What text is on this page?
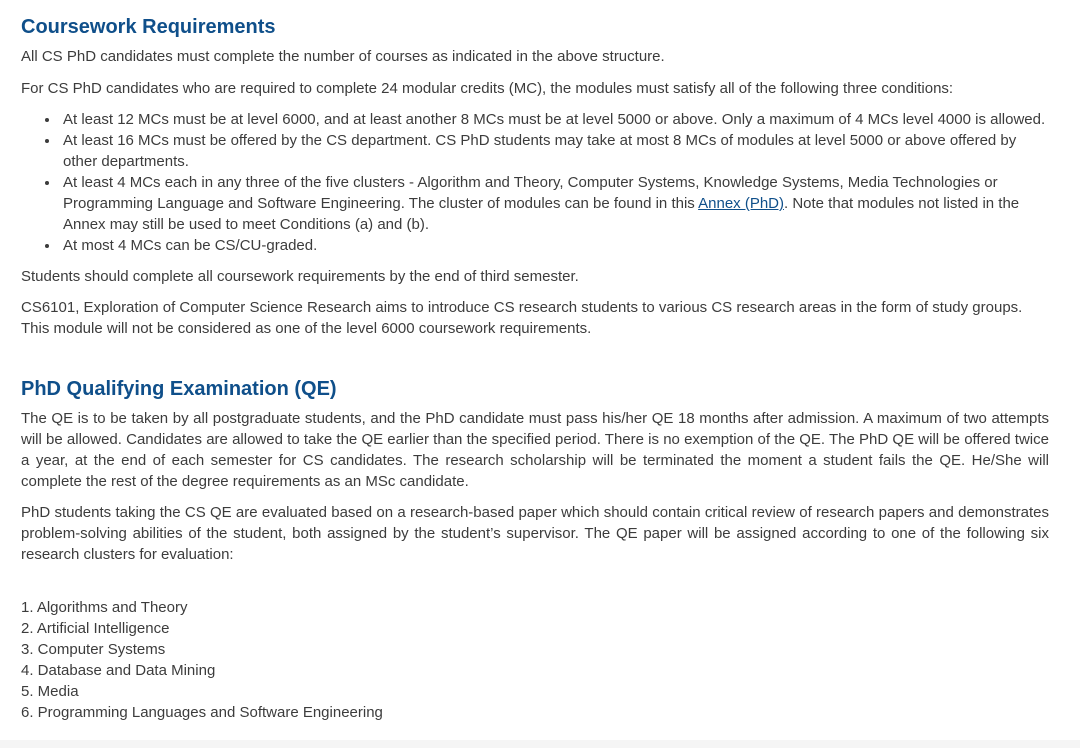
Coursework Requirements

All CS PhD candidates must complete the number of courses as indicated in the above structure.

For CS PhD candidates who are required to complete 24 modular credits (MC), the modules must satisfy all of the following three conditions:

At least 12 MCs must be at level 6000, and at least another 8 MCs must be at level 5000 or above. Only a maximum of 4 MCs level 4000 is allowed.
At least 16 MCs must be offered by the CS department. CS PhD students may take at most 8 MCs of modules at level 5000 or above offered by other departments.
At least 4 MCs each in any three of the five clusters - Algorithm and Theory, Computer Systems, Knowledge Systems, Media Technologies or Programming Language and Software Engineering. The cluster of modules can be found in this Annex (PhD). Note that modules not listed in the Annex may still be used to meet Conditions (a) and (b).
At most 4 MCs can be CS/CU-graded.

Students should complete all coursework requirements by the end of third semester.

CS6101, Exploration of Computer Science Research aims to introduce CS research students to various CS research areas in the form of study groups. This module will not be considered as one of the level 6000 coursework requirements.

PhD Qualifying Examination (QE)

The QE is to be taken by all postgraduate students, and the PhD candidate must pass his/her QE 18 months after admission. A maximum of two attempts will be allowed. Candidates are allowed to take the QE earlier than the specified period. There is no exemption of the QE. The PhD QE will be offered twice a year, at the end of each semester for CS candidates. The research scholarship will be terminated the moment a student fails the QE. He/She will complete the rest of the degree requirements as an MSc candidate.

PhD students taking the CS QE are evaluated based on a research-based paper which should contain critical review of research papers and demonstrates problem-solving abilities of the student, both assigned by the student’s supervisor. The QE paper will be assigned according to one of the following six research clusters for evaluation:

1. Algorithms and Theory
2. Artificial Intelligence
3. Computer Systems
4. Database and Data Mining
5. Media
6. Programming Languages and Software Engineering
